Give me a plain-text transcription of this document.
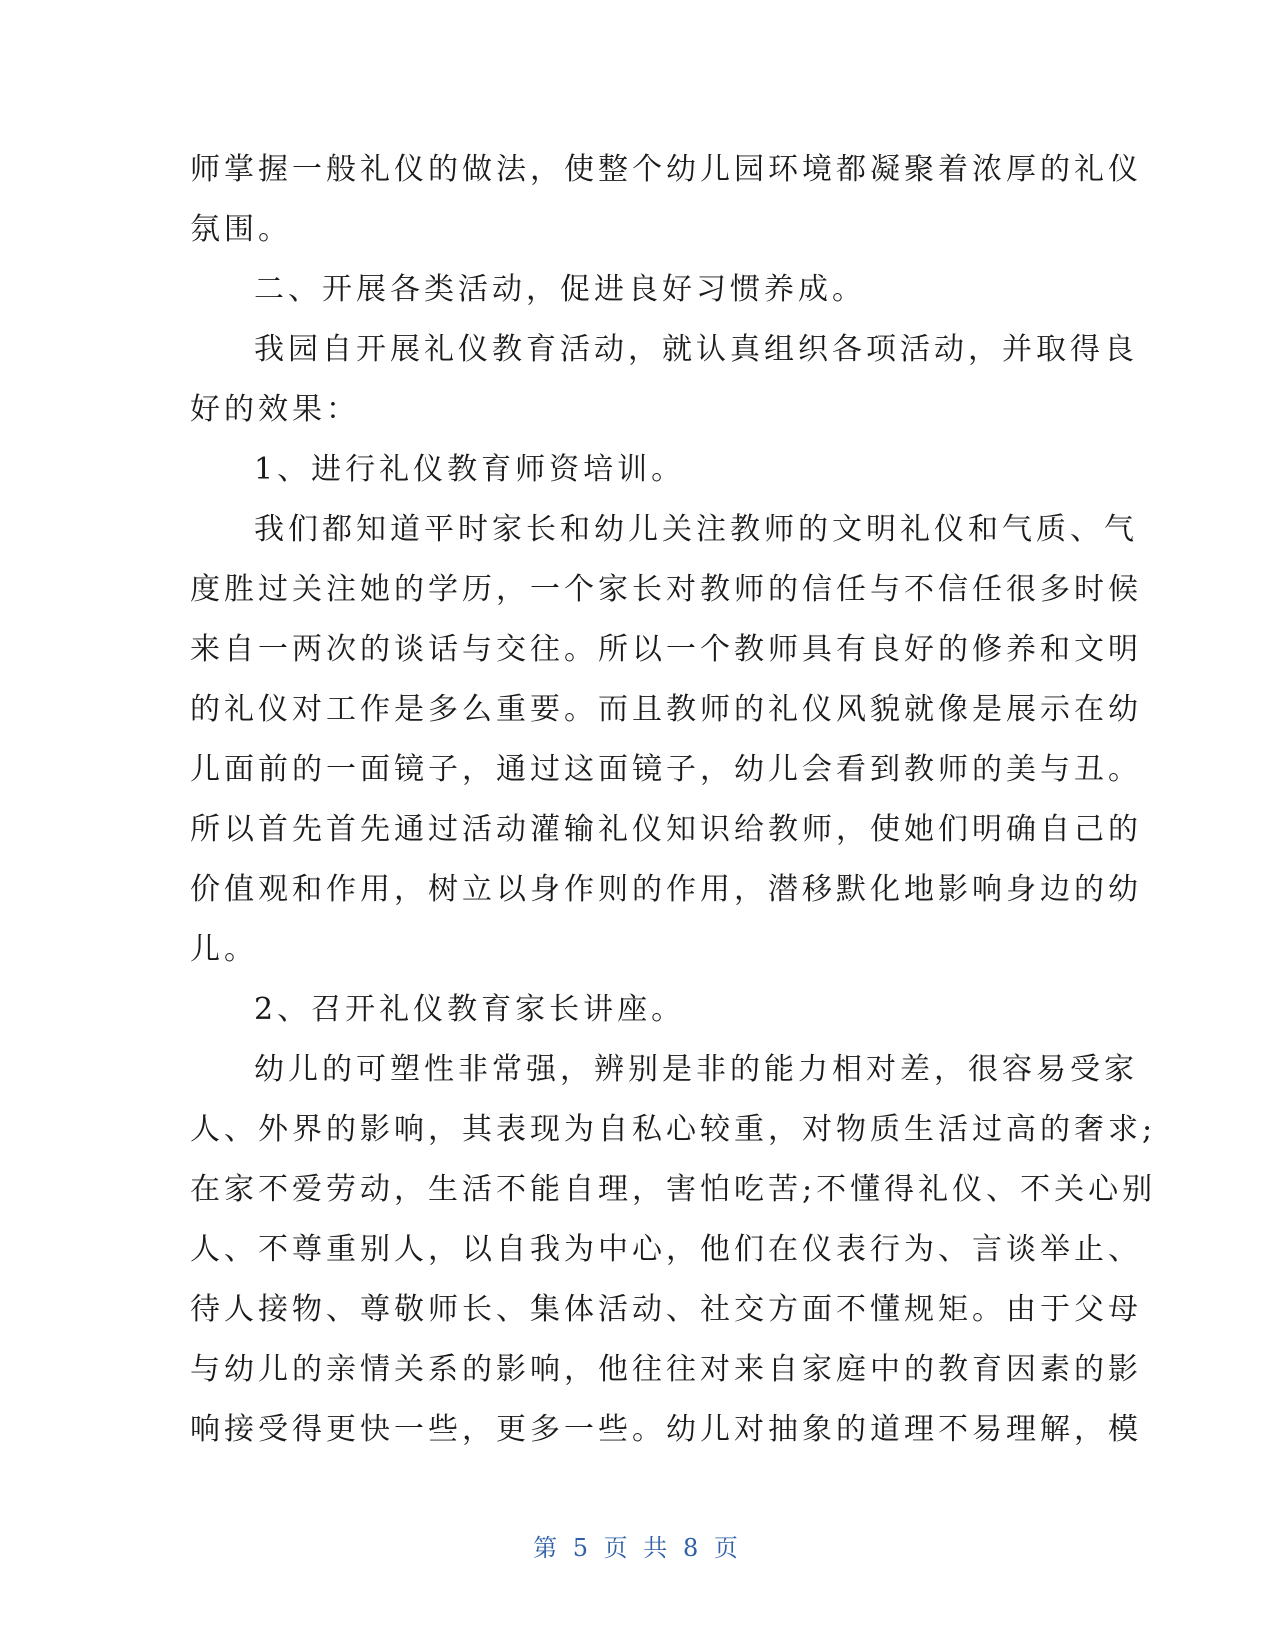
师掌握一般礼仪的做法，使整个幼儿园环境都凝聚着浓厚的礼仪
氛围。
二、开展各类活动，促进良好习惯养成。
我园自开展礼仪教育活动，就认真组织各项活动，并取得良
好的效果：
1、进行礼仪教育师资培训。
我们都知道平时家长和幼儿关注教师的文明礼仪和气质、气
度胜过关注她的学历，一个家长对教师的信任与不信任很多时候
来自一两次的谈话与交往。所以一个教师具有良好的修养和文明
的礼仪对工作是多么重要。而且教师的礼仪风貌就像是展示在幼
儿面前的一面镜子，通过这面镜子，幼儿会看到教师的美与丑。
所以首先首先通过活动灌输礼仪知识给教师，使她们明确自己的
价值观和作用，树立以身作则的作用，潜移默化地影响身边的幼
儿。
2、召开礼仪教育家长讲座。
幼儿的可塑性非常强，辨别是非的能力相对差，很容易受家
人、外界的影响，其表现为自私心较重，对物质生活过高的奢求;
在家不爱劳动，生活不能自理，害怕吃苦;不懂得礼仪、不关心别
人、不尊重别人，以自我为中心，他们在仪表行为、言谈举止、
待人接物、尊敬师长、集体活动、社交方面不懂规矩。由于父母
与幼儿的亲情关系的影响，他往往对来自家庭中的教育因素的影
响接受得更快一些，更多一些。幼儿对抽象的道理不易理解，模
第 5 页 共 8 页
